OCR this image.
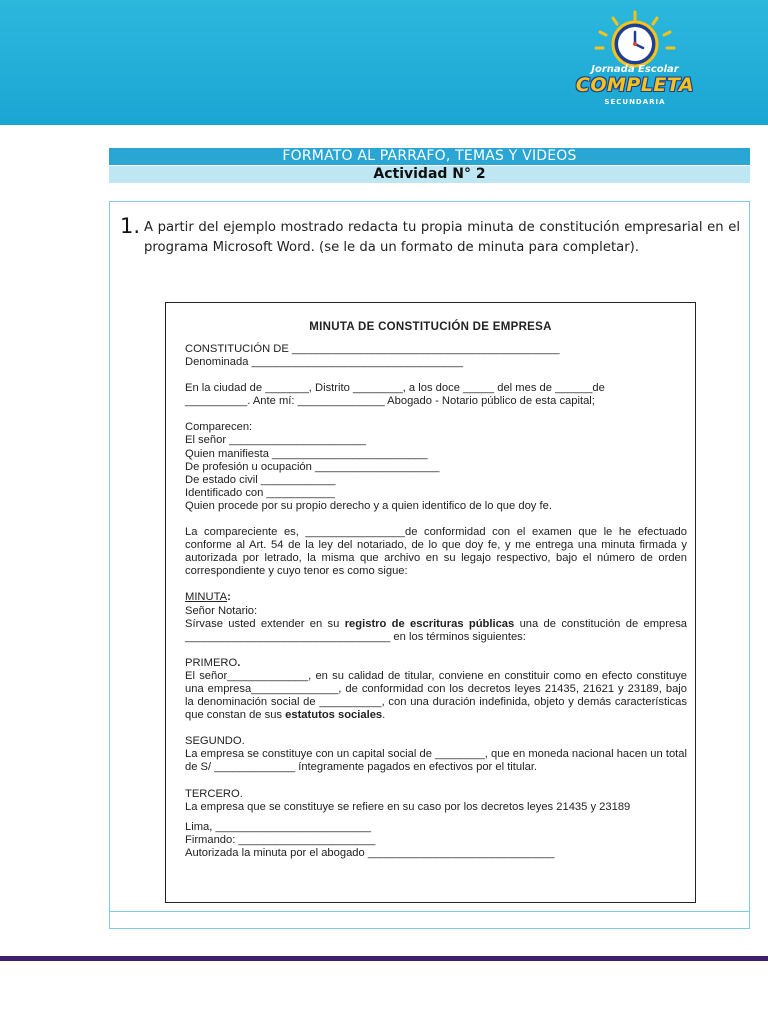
Jornada Escolar
COMPLETA
SECUNDARIA
FORMATO AL PÁRRAFO, TEMAS Y VIDEOS
Actividad N° 2
1. A partir del ejemplo mostrado redacta tu propia minuta de constitución empresarial en el programa Microsoft Word. (se le da un formato de minuta para completar).
MINUTA DE CONSTITUCIÓN DE EMPRESA

CONSTITUCIÓN DE ___________________________________________

Denominada __________________________________

En la ciudad de _______, Distrito ________, a los doce _____ del mes de ______de

__________. Ante mí: ______________ Abogado - Notario público de esta capital;

Comparecen:

El señor ______________________

Quien manifiesta _________________________

De profesión u ocupación ____________________

De estado civil ____________

Identificado con ___________

Quien procede por su propio derecho y a quien identifico de lo que doy fe.

La compareciente es, ________________de conformidad con el examen que le he efectuado conforme al Art. 54 de la ley del notariado, de lo que doy fe, y me entrega una minuta firmada y autorizada por letrado, la misma que archivo en su legajo respectivo, bajo el número de orden correspondiente y cuyo tenor es como sigue:

MINUTA:

Señor Notario:

Sírvase usted extender en su registro de escrituras públicas una de constitución de empresa _________________________________ en los términos siguientes:

PRIMERO.

El señor_____________, en su calidad de titular, conviene en constituir como en efecto constituye una empresa______________, de conformidad con los decretos leyes 21435, 21621 y 23189, bajo la denominación social de __________, con una duración indefinida, objeto y demás características que constan de sus estatutos sociales.

SEGUNDO.

La empresa se constituye con un capital social de ________, que en moneda nacional hacen un total de S/ _____________ íntegramente pagados en efectivos por el titular.

TERCERO.

La empresa que se constituye se refiere en su caso por los decretos leyes 21435 y 23189

Lima, _________________________

Firmando: ______________________

Autorizada la minuta por el abogado ______________________________
